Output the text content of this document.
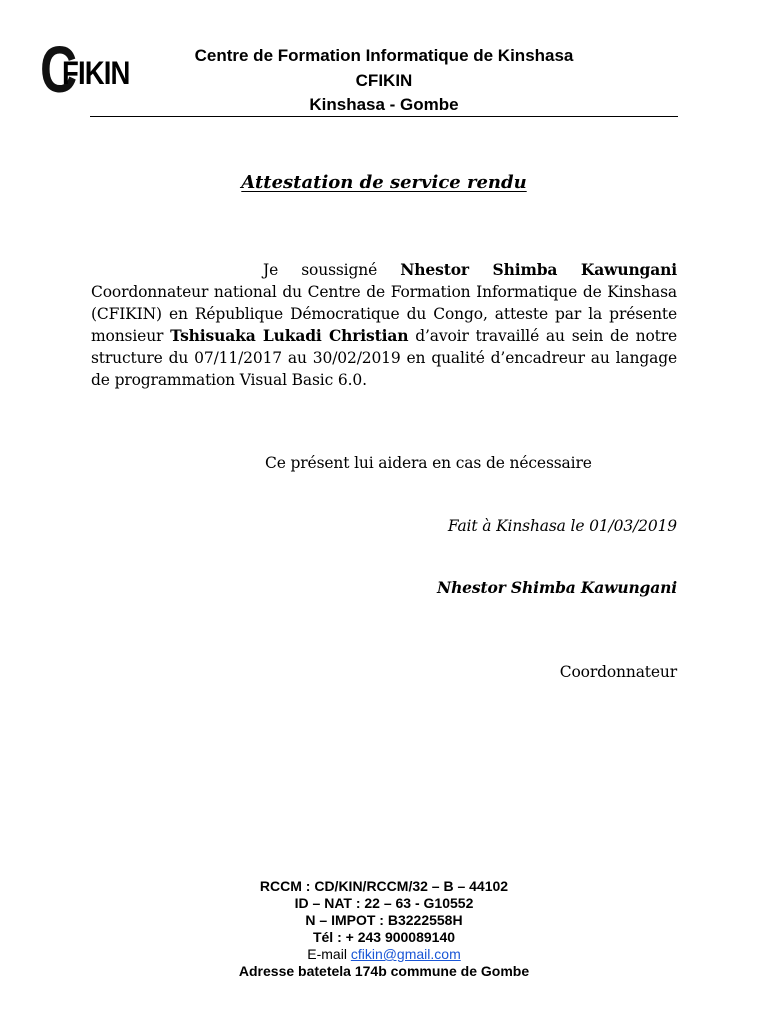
C
FIKIN	Centre de Formation Informatique de Kinshasa
CFIKIN
Kinshasa - Gombe
Attestation de service rendu
Je soussigné Nhestor Shimba Kawungani Coordonnateur national du Centre de Formation Informatique de Kinshasa (CFIKIN) en République Démocratique du Congo, atteste par la présente monsieur Tshisuaka Lukadi Christian d’avoir travaillé au sein de notre structure du 07/11/2017 au 30/02/2019 en qualité d’encadreur au langage de programmation Visual Basic 6.0.
Ce présent lui aidera en cas de nécessaire
Fait à Kinshasa le 01/03/2019
Nhestor Shimba Kawungani
Coordonnateur
RCCM : CD/KIN/RCCM/32 – B – 44102
ID – NAT : 22 – 63 - G10552
N – IMPOT : B3222558H
Tél : + 243 900089140
E-mail cfikin@gmail.com
Adresse batetela 174b commune de Gombe
